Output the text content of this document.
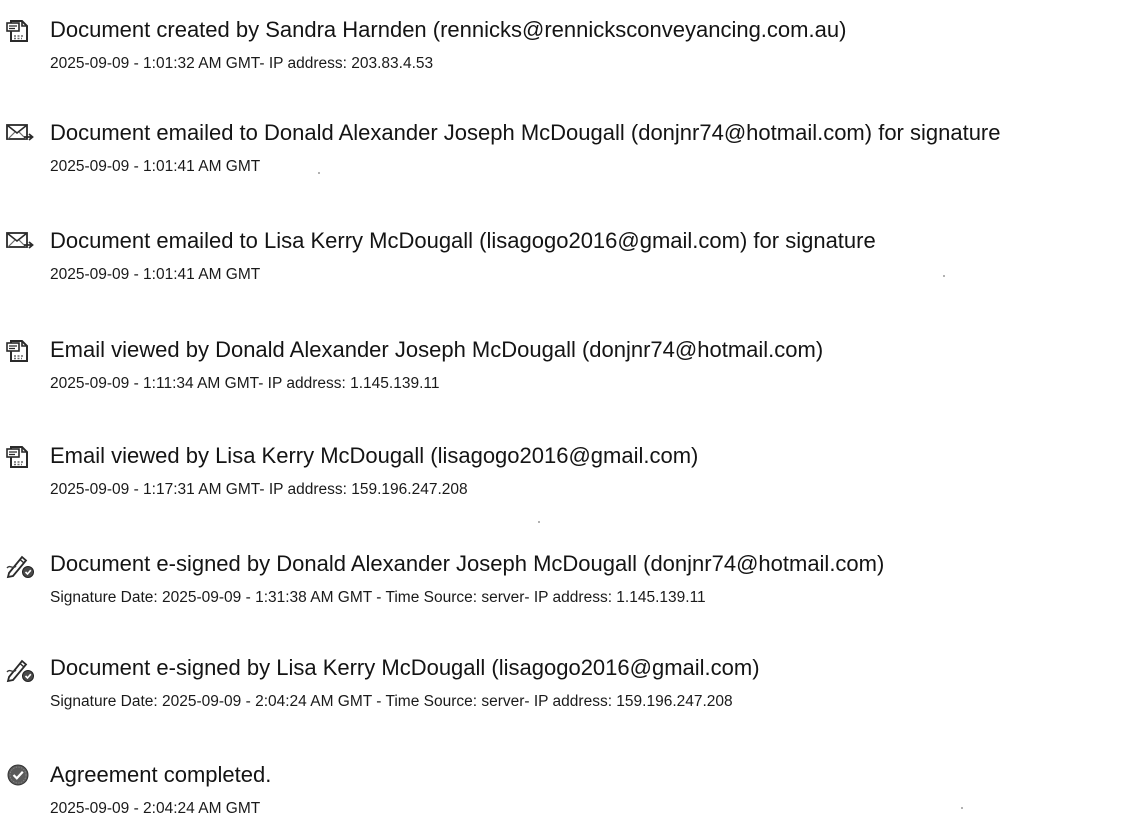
Document created by Sandra Harnden (rennicks@rennicksconveyancing.com.au)
2025-09-09 - 1:01:32 AM GMT- IP address: 203.83.4.53
Document emailed to Donald Alexander Joseph McDougall (donjnr74@hotmail.com) for signature
2025-09-09 - 1:01:41 AM GMT
Document emailed to Lisa Kerry McDougall (lisagogo2016@gmail.com) for signature
2025-09-09 - 1:01:41 AM GMT
Email viewed by Donald Alexander Joseph McDougall (donjnr74@hotmail.com)
2025-09-09 - 1:11:34 AM GMT- IP address: 1.145.139.11
Email viewed by Lisa Kerry McDougall (lisagogo2016@gmail.com)
2025-09-09 - 1:17:31 AM GMT- IP address: 159.196.247.208
Document e-signed by Donald Alexander Joseph McDougall (donjnr74@hotmail.com)
Signature Date: 2025-09-09 - 1:31:38 AM GMT - Time Source: server- IP address: 1.145.139.11
Document e-signed by Lisa Kerry McDougall (lisagogo2016@gmail.com)
Signature Date: 2025-09-09 - 2:04:24 AM GMT - Time Source: server- IP address: 159.196.247.208
Agreement completed.
2025-09-09 - 2:04:24 AM GMT
